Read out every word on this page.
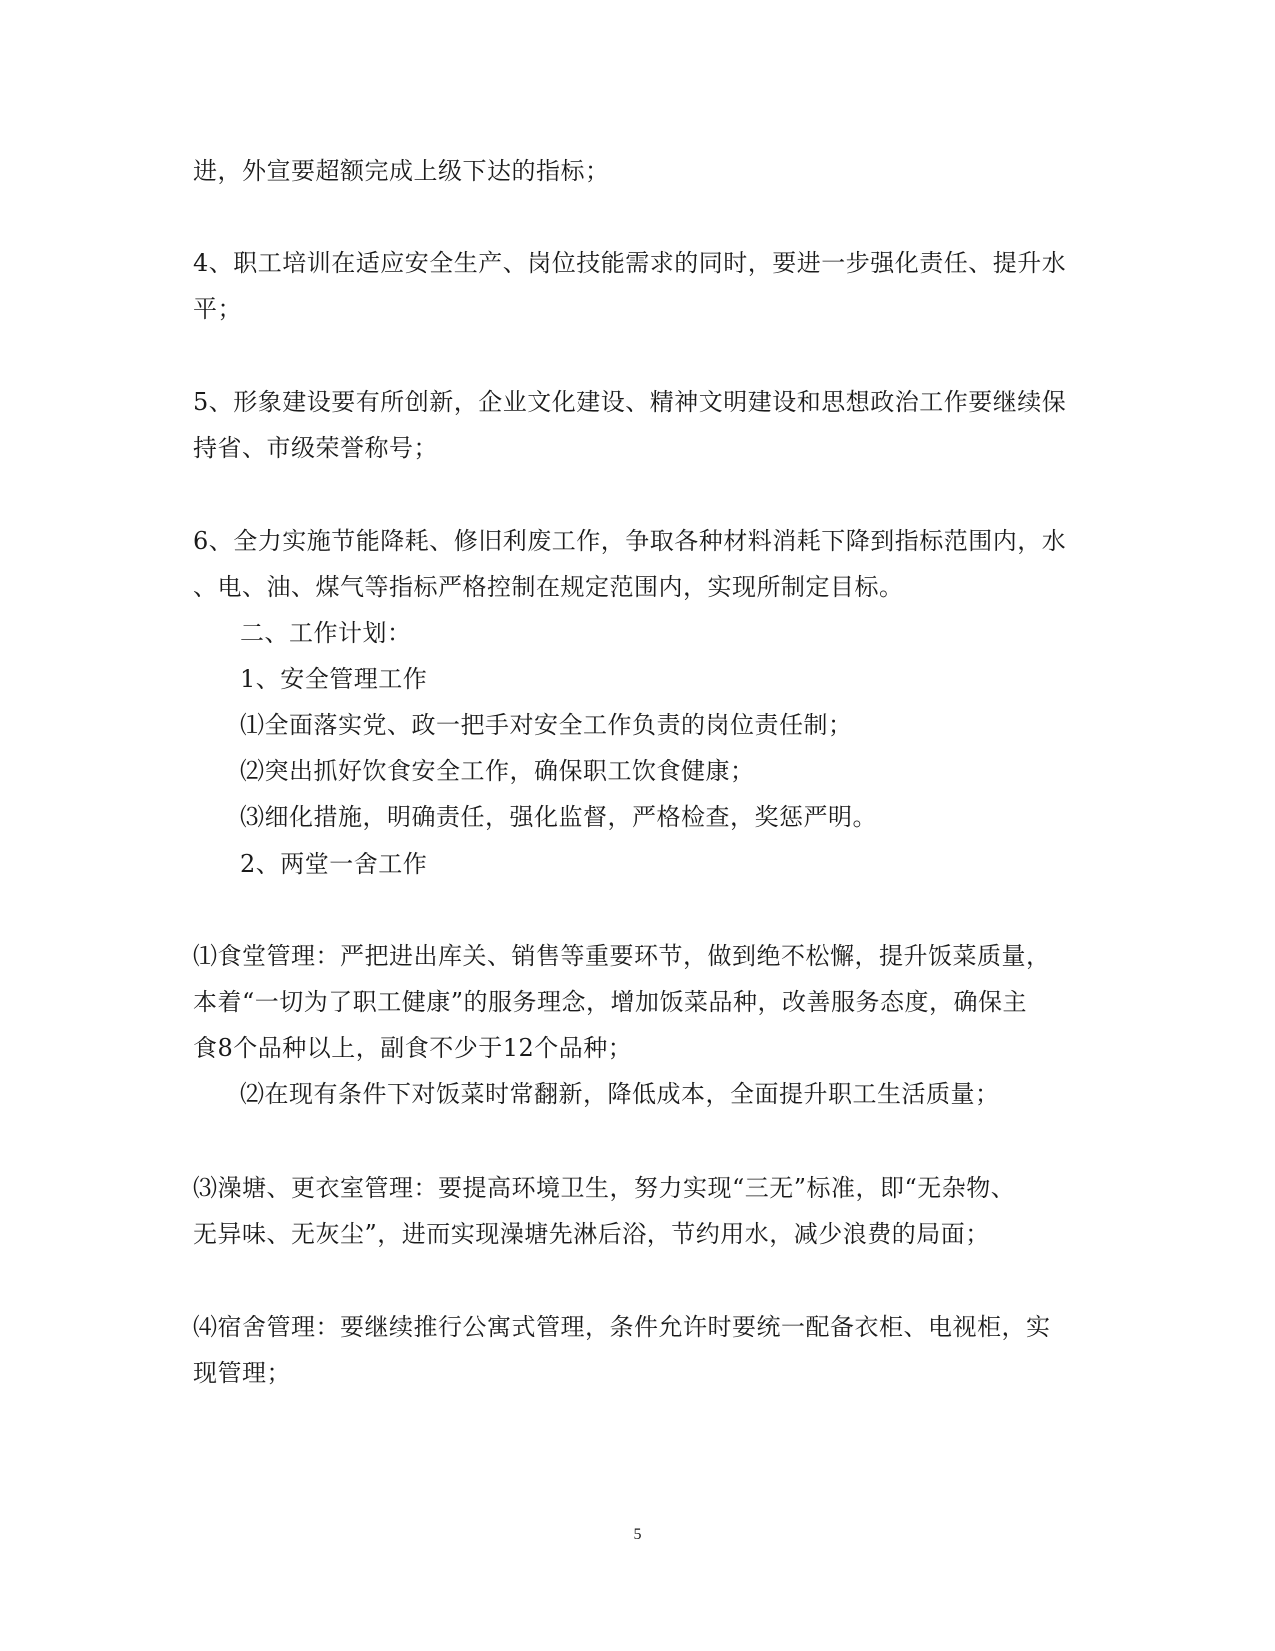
进，外宣要超额完成上级下达的指标；
4、职工培训在适应安全生产、岗位技能需求的同时，要进一步强化责任、提升水
平；
5、形象建设要有所创新，企业文化建设、精神文明建设和思想政治工作要继续保
持省、市级荣誉称号；
6、全力实施节能降耗、修旧利废工作，争取各种材料消耗下降到指标范围内，水
、电、油、煤气等指标严格控制在规定范围内，实现所制定目标。
二、工作计划：
1、安全管理工作
⑴全面落实党、政一把手对安全工作负责的岗位责任制；
⑵突出抓好饮食安全工作，确保职工饮食健康；
⑶细化措施，明确责任，强化监督，严格检查，奖惩严明。
2、两堂一舍工作
⑴食堂管理：严把进出库关、销售等重要环节，做到绝不松懈，提升饭菜质量，
本着“一切为了职工健康”的服务理念，增加饭菜品种，改善服务态度，确保主
食8个品种以上，副食不少于12个品种；
⑵在现有条件下对饭菜时常翻新，降低成本，全面提升职工生活质量；
⑶澡塘、更衣室管理：要提高环境卫生，努力实现“三无”标准，即“无杂物、
无异味、无灰尘”，进而实现澡塘先淋后浴，节约用水，减少浪费的局面；
⑷宿舍管理：要继续推行公寓式管理，条件允许时要统一配备衣柜、电视柜，实
现管理；
5
